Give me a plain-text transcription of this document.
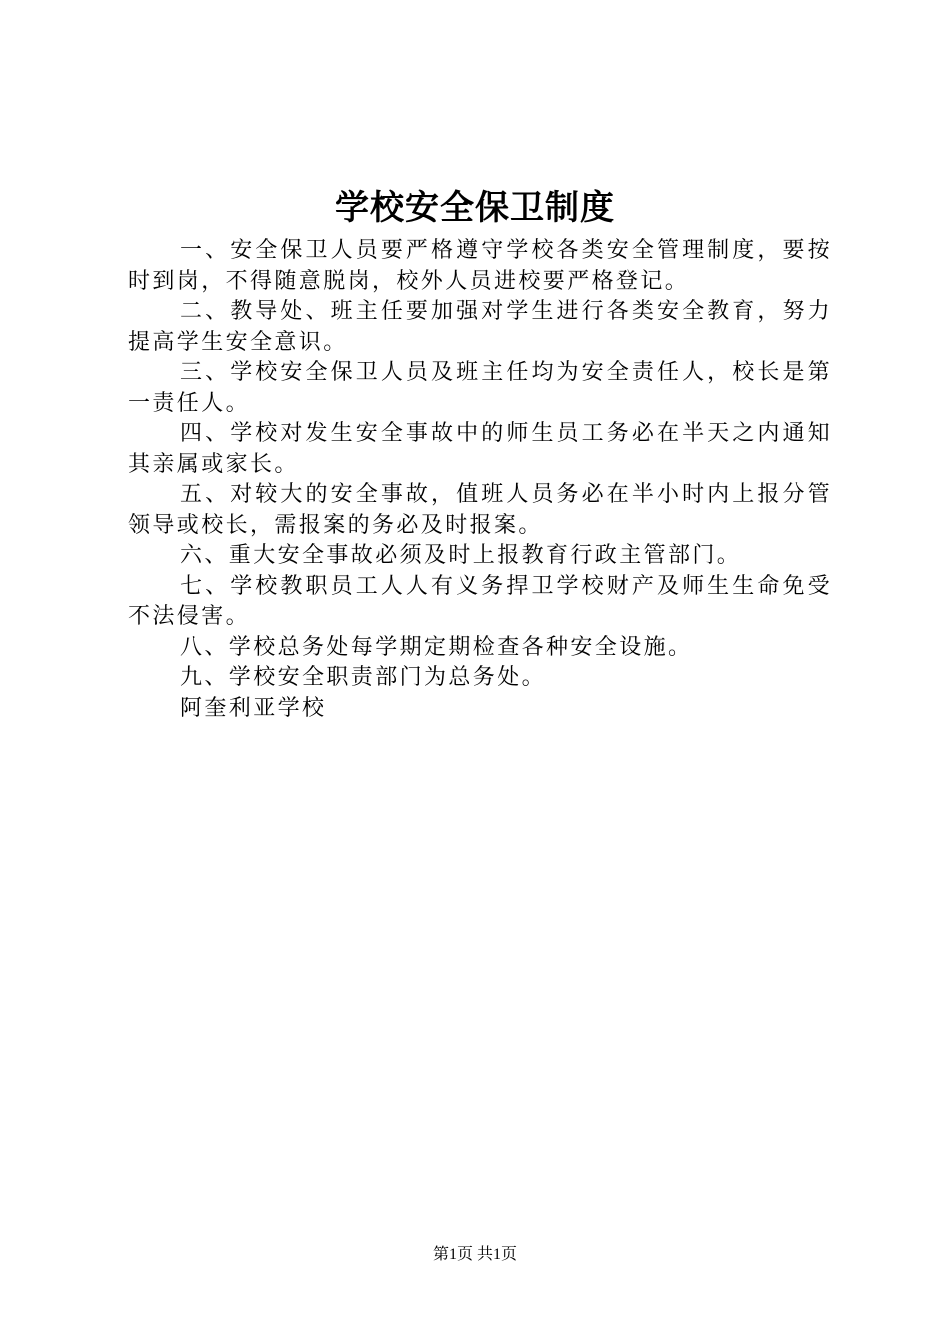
学校安全保卫制度

一、安全保卫人员要严格遵守学校各类安全管理制度，要按时到岗，不得随意脱岗，校外人员进校要严格登记。

二、教导处、班主任要加强对学生进行各类安全教育，努力提高学生安全意识。

三、学校安全保卫人员及班主任均为安全责任人，校长是第一责任人。

四、学校对发生安全事故中的师生员工务必在半天之内通知其亲属或家长。

五、对较大的安全事故，值班人员务必在半小时内上报分管领导或校长，需报案的务必及时报案。

六、重大安全事故必须及时上报教育行政主管部门。

七、学校教职员工人人有义务捍卫学校财产及师生生命免受不法侵害。

八、学校总务处每学期定期检查各种安全设施。

九、学校安全职责部门为总务处。

阿奎利亚学校

第1页 共1页
